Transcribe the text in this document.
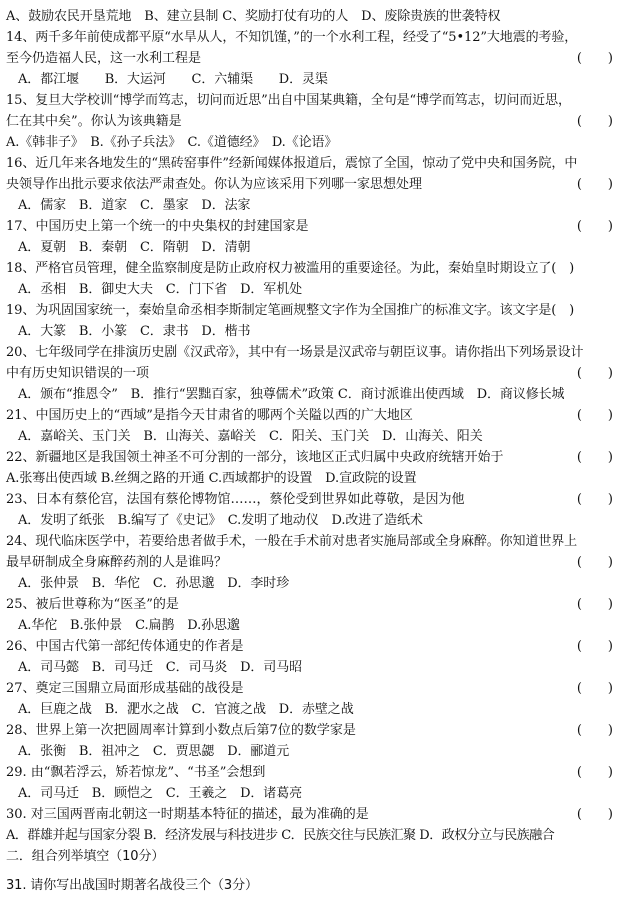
A、鼓励农民开垦荒地　B、建立县制 C、奖励打仗有功的人　D、废除贵族的世袭特权
14、两千多年前使成都平原“水旱从人，不知饥馑，”的一个水利工程，经受了“5•12”大地震的考验，
至今仍造福人民，这一水利工程是	(　　)
A．都江堰　　B．大运河　　C．六辅渠　　D．灵渠
15、复旦大学校训“博学而笃志，切问而近思”出自中国某典籍，全句是“博学而笃志，切问而近思，
仁在其中矣”。你认为该典籍是	(　　)
A.《韩非子》　B.《孙子兵法》　C.《道德经》　D.《论语》
16、近几年来各地发生的“黑砖窑事件”经新闻媒体报道后，震惊了全国，惊动了党中央和国务院，中
央领导作出批示要求依法严肃查处。你认为应该采用下列哪一家思想处理	(　　)
A．儒家　B．道家　C．墨家　D．法家
17、中国历史上第一个统一的中央集权的封建国家是	(　　)
A．夏朝　B．秦朝　C．隋朝　D．清朝
18、严格官员管理，健全监察制度是防止政府权力被滥用的重要途径。为此，秦始皇时期设立了(　)
A．丞相　B．御史大夫　C．门下省　D．军机处
19、为巩固国家统一，秦始皇命丞相李斯制定笔画规整文字作为全国推广的标准文字。该文字是(　)
A．大篆　B．小篆　C．隶书　D．楷书
20、七年级同学在排演历史剧《汉武帝》，其中有一场景是汉武帝与朝臣议事。请你指出下列场景设计
中有历史知识错误的一项	(　　)
A．颁布“推恩令”　B．推行“罢黜百家，独尊儒术”政策 C．商讨派谁出使西域　D．商议修长城
21、中国历史上的“西域”是指今天甘肃省的哪两个关隘以西的广大地区	(　　)
A．嘉峪关、玉门关　B．山海关、嘉峪关　C．阳关、玉门关　D．山海关、阳关
22、新疆地区是我国领土神圣不可分割的一部分，该地区正式归属中央政府统辖开始于	(　　)
A.张骞出使西域 B.丝绸之路的开通 C.西域都护的设置　D.宣政院的设置
23、日本有蔡伦宫，法国有蔡伦博物馆……，蔡伦受到世界如此尊敬，是因为他	(　　)
A．发明了纸张　B.编写了《史记》　C.发明了地动仪　D.改进了造纸术
24、现代临床医学中，若要给患者做手术，一般在手术前对患者实施局部或全身麻醉。你知道世界上
最早研制成全身麻醉药剂的人是谁吗？	(　　)
A．张仲景　B．华佗　C．孙思邈　D．李时珍
25、被后世尊称为“医圣”的是	(　　)
A.华佗　B.张仲景　C.扁鹊　D.孙思邈
26、中国古代第一部纪传体通史的作者是	(　　)
A．司马懿　B．司马迁　C．司马炎　D．司马昭
27、奠定三国鼎立局面形成基础的战役是	(　　)
A．巨鹿之战　B．淝水之战　C．官渡之战　D．赤壁之战
28、世界上第一次把圆周率计算到小数点后第7位的数学家是	(　　)
A．张衡　B．祖冲之　C．贾思勰　D．郦道元
29. 由“飘若浮云，矫若惊龙”、“书圣”会想到	(　　)
A．司马迁　B．顾恺之　C．王羲之　D．诸葛亮
30. 对三国两晋南北朝这一时期基本特征的描述，最为准确的是	(　　)
A．群雄并起与国家分裂 B．经济发展与科技进步 C．民族交往与民族汇聚 D．政权分立与民族融合
二．组合列举填空（10分）
31. 请你写出战国时期著名战役三个（3分）
